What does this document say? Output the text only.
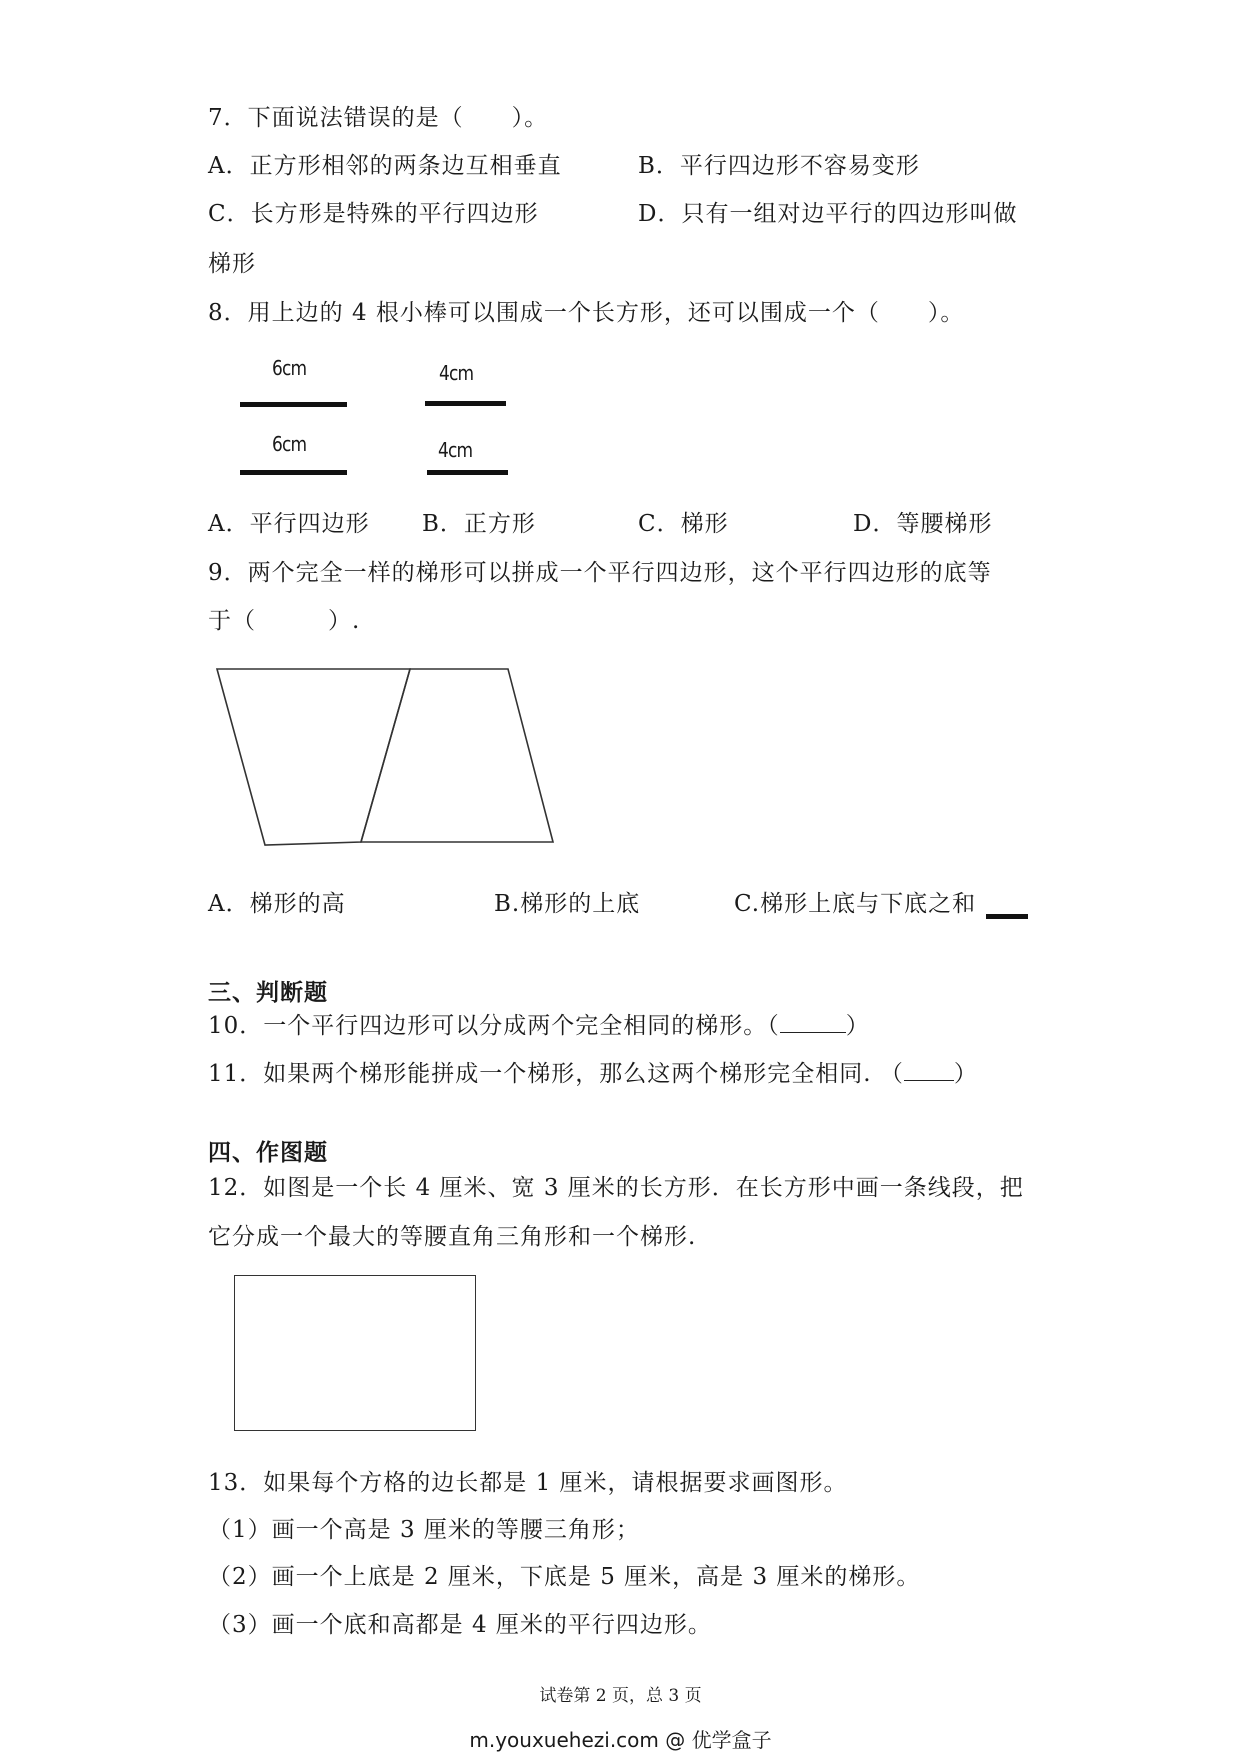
7．下面说法错误的是（　　）。
A．正方形相邻的两条边互相垂直	B．平行四边形不容易变形
C．长方形是特殊的平行四边形	D．只有一组对边平行的四边形叫做
梯形
8．用上边的 4 根小棒可以围成一个长方形，还可以围成一个（　　）。
6cm	4cm
6cm	4cm
A．平行四边形 B．正方形	C．梯形	D．等腰梯形
9．两个完全一样的梯形可以拼成一个平行四边形，这个平行四边形的底等
于（　　　）.
A．梯形的高	B.梯形的上底	C.梯形上底与下底之和
三、判断题
10．一个平行四边形可以分成两个完全相同的梯形。（	）
11．如果两个梯形能拼成一个梯形，那么这两个梯形完全相同. （ ）
四、作图题
12．如图是一个长 4 厘米、宽 3 厘米的长方形．在长方形中画一条线段，把
它分成一个最大的等腰直角三角形和一个梯形.
13．如果每个方格的边长都是 1 厘米，请根据要求画图形。
（1）画一个高是 3 厘米的等腰三角形；
（2）画一个上底是 2 厘米，下底是 5 厘米，高是 3 厘米的梯形。
（3）画一个底和高都是 4 厘米的平行四边形。
试卷第 2 页，总 3 页
m.youxuehezi.com @ 优学盒子
